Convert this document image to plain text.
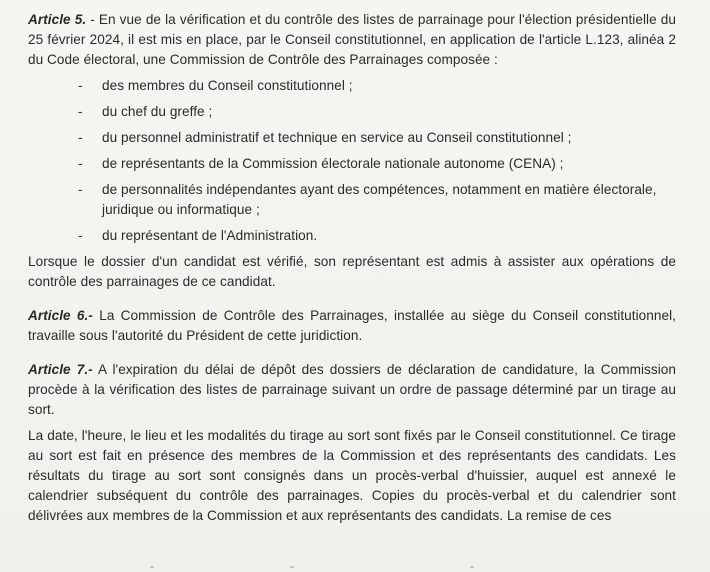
Article 5. - En vue de la vérification et du contrôle des listes de parrainage pour l'élection présidentielle du 25 février 2024, il est mis en place, par le Conseil constitutionnel, en application de l'article L.123, alinéa 2 du Code électoral, une Commission de Contrôle des Parrainages composée :

- des membres du Conseil constitutionnel ;
- du chef du greffe ;
- du personnel administratif et technique en service au Conseil constitutionnel ;
- de représentants de la Commission électorale nationale autonome (CENA) ;
- de personnalités indépendantes ayant des compétences, notamment en matière électorale, juridique ou informatique ;
- du représentant de l'Administration.

Lorsque le dossier d'un candidat est vérifié, son représentant est admis à assister aux opérations de contrôle des parrainages de ce candidat.

Article 6.- La Commission de Contrôle des Parrainages, installée au siège du Conseil constitutionnel, travaille sous l'autorité du Président de cette juridiction.

Article 7.- A l'expiration du délai de dépôt des dossiers de déclaration de candidature, la Commission procède à la vérification des listes de parrainage suivant un ordre de passage déterminé par un tirage au sort.

La date, l'heure, le lieu et les modalités du tirage au sort sont fixés par le Conseil constitutionnel. Ce tirage au sort est fait en présence des membres de la Commission et des représentants des candidats. Les résultats du tirage au sort sont consignés dans un procès-verbal d'huissier, auquel est annexé le calendrier subséquent du contrôle des parrainages. Copies du procès-verbal et du calendrier sont délivrées aux membres de la Commission et aux représentants des candidats. La remise de ces
